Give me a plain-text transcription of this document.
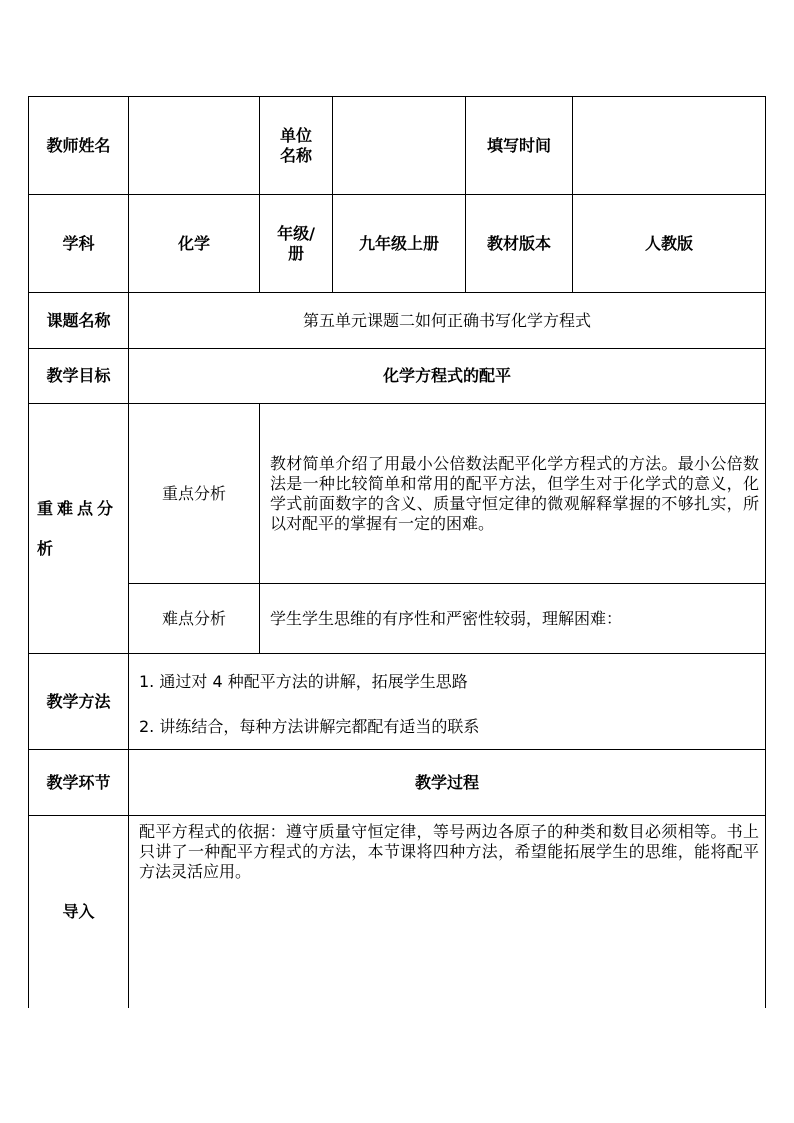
教师姓名		单位名称		填写时间	
学科	化学	年级/册	九年级上册	教材版本	人教版
课题名称	第五单元课题二如何正确书写化学方程式				
教学目标	化学方程式的配平				
重难点分析	重点分析	教材简单介绍了用最小公倍数法配平化学方程式的方法。最小公倍数法是一种比较简单和常用的配平方法，但学生对于化学式的意义，化学式前面数字的含义、质量守恒定律的微观解释掌握的不够扎实，所以对配平的掌握有一定的困难。			
	难点分析	学生学生思维的有序性和严密性较弱，理解困难：			
教学方法	1. 通过对 4 种配平方法的讲解，拓展学生思路
2. 讲练结合，每种方法讲解完都配有适当的联系				

教学环节	教学过程				
导入	配平方程式的依据：遵守质量守恒定律，等号两边各原子的种类和数目必须相等。书上只讲了一种配平方程式的方法，本节课将四种方法，希望能拓展学生的思维，能将配平方法灵活应用。				
